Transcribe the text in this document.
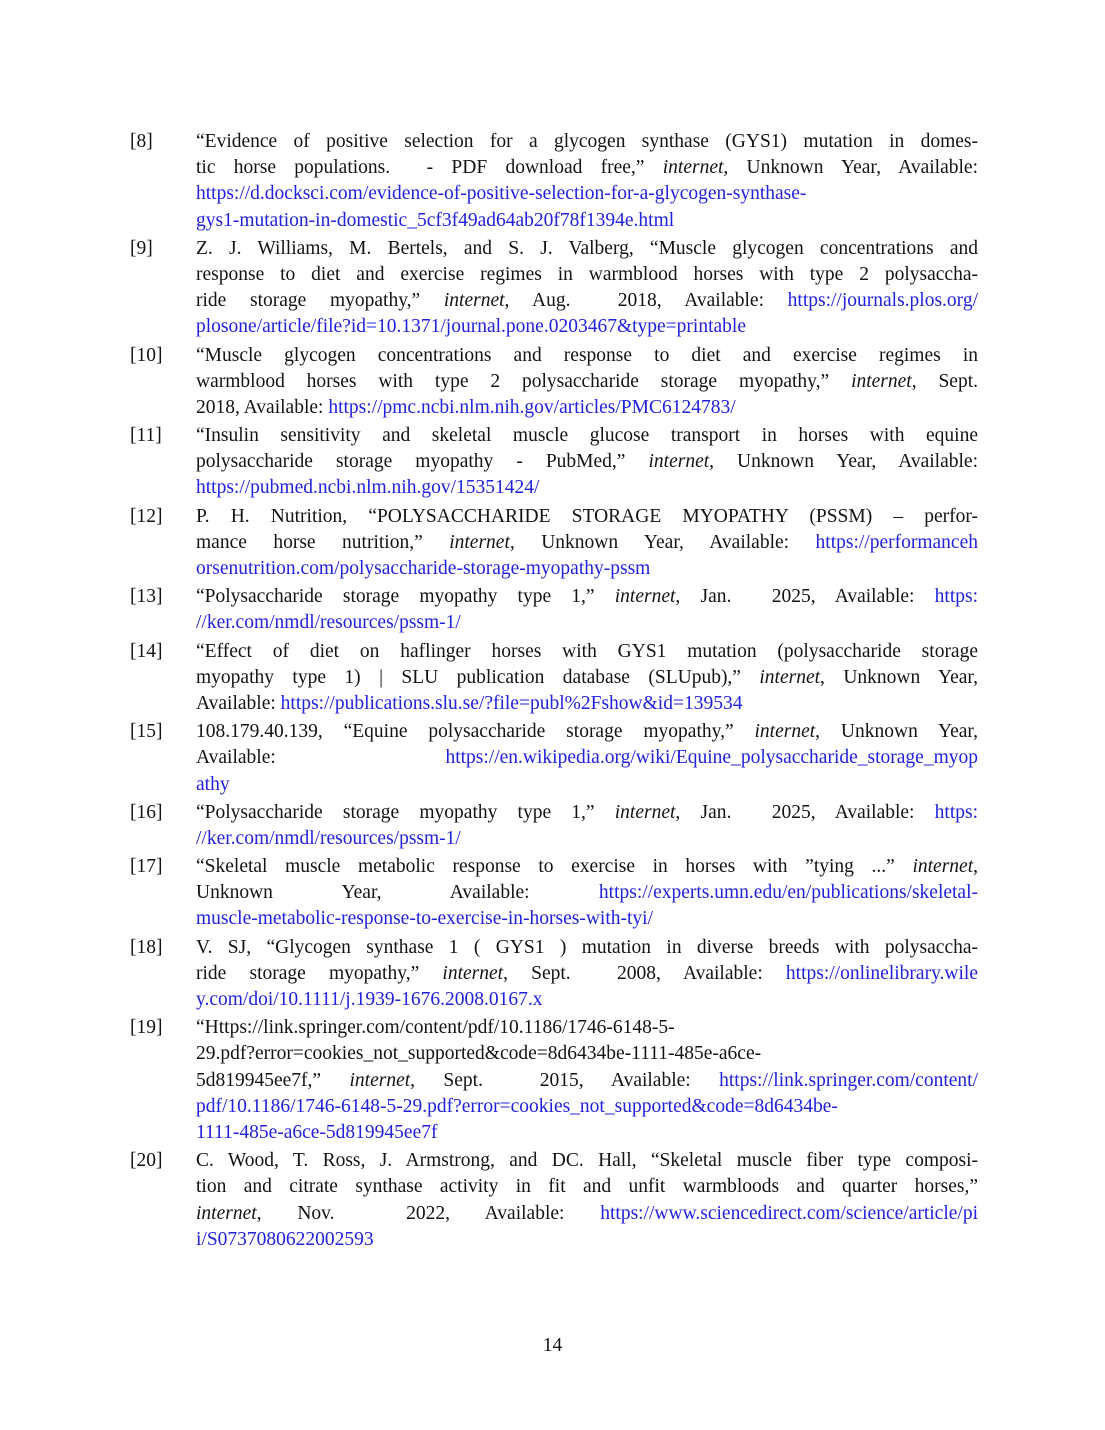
[8]	“Evidence of positive selection for a glycogen synthase (GYS1) mutation in domes-
tic horse populations.  - PDF download free,” internet, Unknown Year, Available:
https://d.docksci.com/evidence-of-positive-selection-for-a-glycogen-synthase-
gys1-mutation-in-domestic_5cf3f49ad64ab20f78f1394e.html
[9]	Z. J. Williams, M. Bertels, and S. J. Valberg, “Muscle glycogen concentrations and
response to diet and exercise regimes in warmblood horses with type 2 polysaccha-
ride storage myopathy,” internet, Aug.  2018, Available: https://journals.plos.org/
plosone/article/file?id=10.1371/journal.pone.0203467&type=printable
[10]	“Muscle glycogen concentrations and response to diet and exercise regimes in
warmblood horses with type 2 polysaccharide storage myopathy,” internet, Sept.
2018, Available: https://pmc.ncbi.nlm.nih.gov/articles/PMC6124783/
[11]	“Insulin sensitivity and skeletal muscle glucose transport in horses with equine
polysaccharide storage myopathy - PubMed,” internet, Unknown Year, Available:
https://pubmed.ncbi.nlm.nih.gov/15351424/
[12]	P. H. Nutrition, “POLYSACCHARIDE STORAGE MYOPATHY (PSSM) – perfor-
mance horse nutrition,” internet, Unknown Year, Available: https://performanceh
orsenutrition.com/polysaccharide-storage-myopathy-pssm
[13]	“Polysaccharide storage myopathy type 1,” internet, Jan.  2025, Available: https:
//ker.com/nmdl/resources/pssm-1/
[14]	“Effect of diet on haflinger horses with GYS1 mutation (polysaccharide storage
myopathy type 1) | SLU publication database (SLUpub),” internet, Unknown Year,
Available: https://publications.slu.se/?file=publ%2Fshow&id=139534
[15]	108.179.40.139, “Equine polysaccharide storage myopathy,” internet, Unknown Year,
Available: https://en.wikipedia.org/wiki/Equine_polysaccharide_storage_myop
athy
[16]	“Polysaccharide storage myopathy type 1,” internet, Jan.  2025, Available: https:
//ker.com/nmdl/resources/pssm-1/
[17]	“Skeletal muscle metabolic response to exercise in horses with ”tying ...” internet,
Unknown Year, Available: https://experts.umn.edu/en/publications/skeletal-
muscle-metabolic-response-to-exercise-in-horses-with-tyi/
[18]	V. SJ, “Glycogen synthase 1 ( GYS1 ) mutation in diverse breeds with polysaccha-
ride storage myopathy,” internet, Sept.  2008, Available: https://onlinelibrary.wile
y.com/doi/10.1111/j.1939-1676.2008.0167.x
[19]	“Https://link.springer.com/content/pdf/10.1186/1746-6148-5-
29.pdf?error=cookies_not_supported&code=8d6434be-1111-485e-a6ce-
5d819945ee7f,” internet, Sept.  2015, Available: https://link.springer.com/content/
pdf/10.1186/1746-6148-5-29.pdf?error=cookies_not_supported&code=8d6434be-
1111-485e-a6ce-5d819945ee7f
[20]	C. Wood, T. Ross, J. Armstrong, and DC. Hall, “Skeletal muscle fiber type composi-
tion and citrate synthase activity in fit and unfit warmbloods and quarter horses,”
internet, Nov.  2022, Available: https://www.sciencedirect.com/science/article/pi
i/S0737080622002593
14
